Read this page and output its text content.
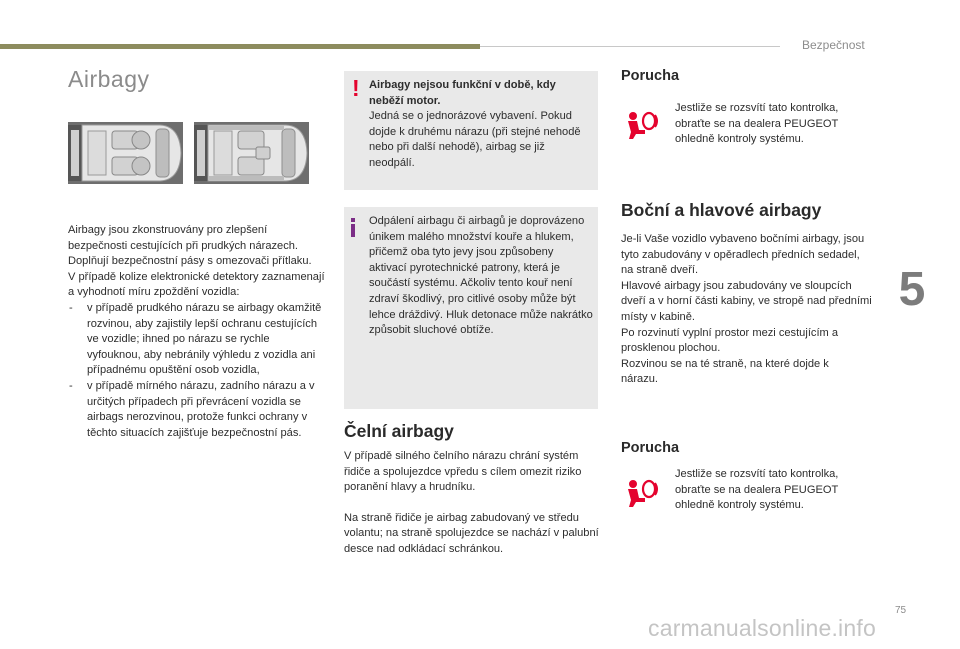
Bezpečnost
Airbagy

Airbagy jsou zkonstruovány pro zlepšení bezpečnosti cestujících při prudkých nárazech. Doplňují bezpečnostní pásy s omezovači přítlaku.

V případě kolize elektronické detektory zaznamenají a vyhodnotí míru zpoždění vozidla:

- v případě prudkého nárazu se airbagy okamžitě rozvinou, aby zajistily lepší ochranu cestujících ve vozidle; ihned po nárazu se rychle vyfouknou, aby nebránily výhledu z vozidla ani případnému opuštění osob vozidla,
- v případě mírného nárazu, zadního nárazu a v určitých případech při převrácení vozidla se airbags nerozvinou, protože funkci ochrany v těchto situacích zajišťuje bezpečnostní pás.
! Airbagy nejsou funkční v době, kdy neběží motor.

Jedná se o jednorázové vybavení. Pokud dojde k druhému nárazu (při stejné nehodě nebo při další nehodě), airbag se již neodpálí.

Odpálení airbagu či airbagů je doprovázeno únikem malého množství kouře a hlukem, přičemž oba tyto jevy jsou způsobeny aktivací pyrotechnické patrony, která je součástí systému. Ačkoliv tento kouř není zdraví škodlivý, pro citlivé osoby může být lehce dráždivý. Hluk detonace může nakrátko způsobit sluchové obtíže.

Čelní airbagy

V případě silného čelního nárazu chrání systém řidiče a spolujezdce vpředu s cílem omezit riziko poranění hlavy a hrudníku.

Na straně řidiče je airbag zabudovaný ve středu volantu; na straně spolujezdce se nachází v palubní desce nad odkládací schránkou.

Porucha
Jestliže se rozsvítí tato kontrolka, obraťte se na dealera PEUGEOT ohledně kontroly systému.
Boční a hlavové airbagy

Je-li Vaše vozidlo vybaveno bočními airbagy, jsou tyto zabudovány v opěradlech předních sedadel, na straně dveří.

Hlavové airbagy jsou zabudovány ve sloupcích dveří a v horní části kabiny, ve stropě nad předními místy v kabině.

Po rozvinutí vyplní prostor mezi cestujícím a prosklenou plochou.

Rozvinou se na té straně, na které dojde k nárazu.

Porucha
Jestliže se rozsvítí tato kontrolka, obraťte se na dealera PEUGEOT ohledně kontroly systému.
5
75
carmanualsonline.info
